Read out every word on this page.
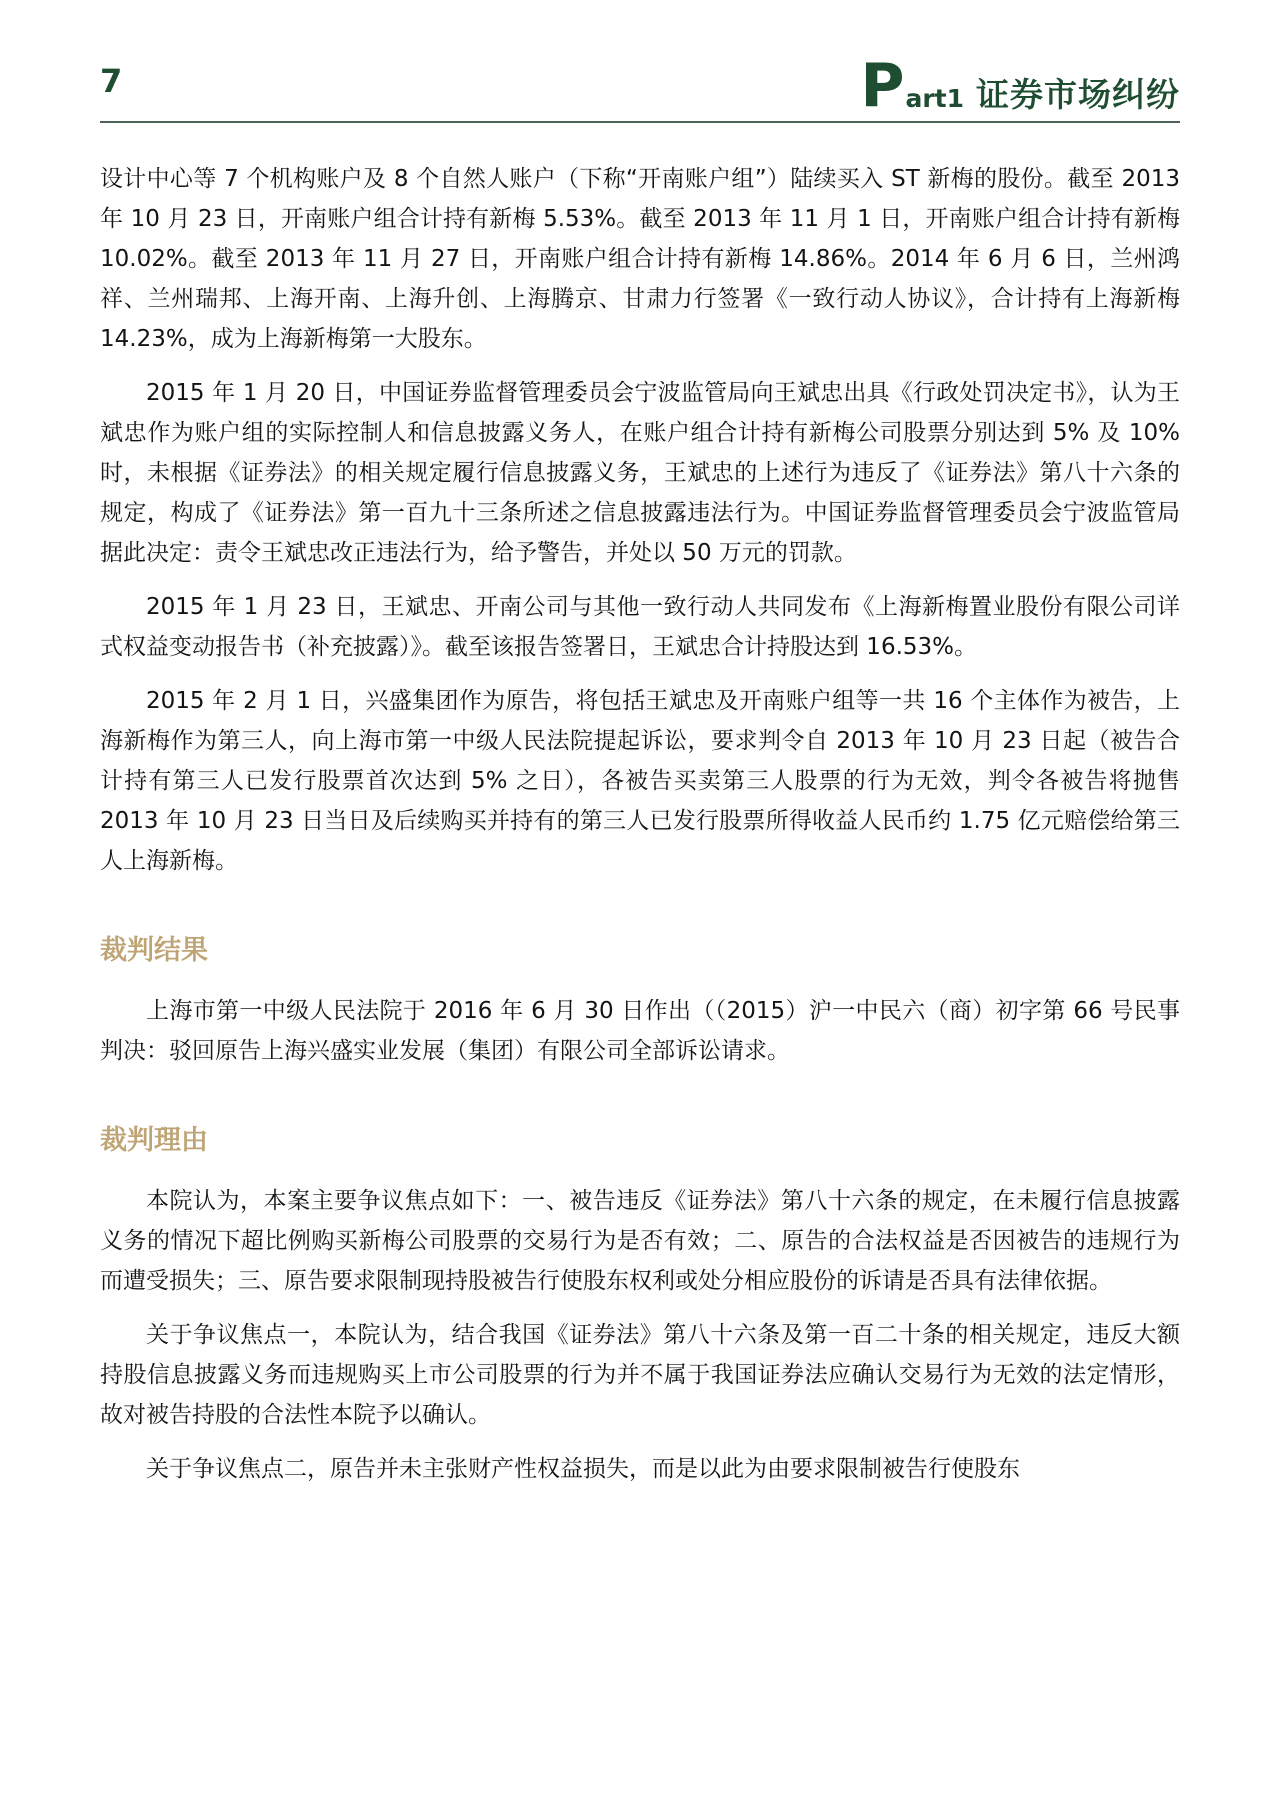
7	P art1 证券市场纠纷

设计中心等 7 个机构账户及 8 个自然人账户（下称“开南账户组”）陆续买入 ST 新梅的股份。截至 2013 年 10 月 23 日，开南账户组合计持有新梅 5.53%。截至 2013 年 11 月 1 日，开南账户组合计持有新梅 10.02%。截至 2013 年 11 月 27 日，开南账户组合计持有新梅 14.86%。2014 年 6 月 6 日，兰州鸿祥、兰州瑞邦、上海开南、上海升创、上海腾京、甘肃力行签署《一致行动人协议》，合计持有上海新梅 14.23%，成为上海新梅第一大股东。

2015 年 1 月 20 日，中国证券监督管理委员会宁波监管局向王斌忠出具《行政处罚决定书》，认为王斌忠作为账户组的实际控制人和信息披露义务人，在账户组合计持有新梅公司股票分别达到 5% 及 10% 时，未根据《证券法》的相关规定履行信息披露义务，王斌忠的上述行为违反了《证券法》第八十六条的规定，构成了《证券法》第一百九十三条所述之信息披露违法行为。中国证券监督管理委员会宁波监管局据此决定：责令王斌忠改正违法行为，给予警告，并处以 50 万元的罚款。

2015 年 1 月 23 日，王斌忠、开南公司与其他一致行动人共同发布《上海新梅置业股份有限公司详式权益变动报告书（补充披露）》。截至该报告签署日，王斌忠合计持股达到 16.53%。

2015 年 2 月 1 日，兴盛集团作为原告，将包括王斌忠及开南账户组等一共 16 个主体作为被告，上海新梅作为第三人，向上海市第一中级人民法院提起诉讼，要求判令自 2013 年 10 月 23 日起（被告合计持有第三人已发行股票首次达到 5% 之日），各被告买卖第三人股票的行为无效，判令各被告将抛售 2013 年 10 月 23 日当日及后续购买并持有的第三人已发行股票所得收益人民币约 1.75 亿元赔偿给第三人上海新梅。

裁判结果

上海市第一中级人民法院于 2016 年 6 月 30 日作出（（2015）沪一中民六（商）初字第 66 号民事判决：驳回原告上海兴盛实业发展（集团）有限公司全部诉讼请求。

裁判理由

本院认为，本案主要争议焦点如下：一、被告违反《证券法》第八十六条的规定，在未履行信息披露义务的情况下超比例购买新梅公司股票的交易行为是否有效；二、原告的合法权益是否因被告的违规行为而遭受损失；三、原告要求限制现持股被告行使股东权利或处分相应股份的诉请是否具有法律依据。

关于争议焦点一，本院认为，结合我国《证券法》第八十六条及第一百二十条的相关规定，违反大额持股信息披露义务而违规购买上市公司股票的行为并不属于我国证券法应确认交易行为无效的法定情形，故对被告持股的合法性本院予以确认。

关于争议焦点二，原告并未主张财产性权益损失，而是以此为由要求限制被告行使股东
